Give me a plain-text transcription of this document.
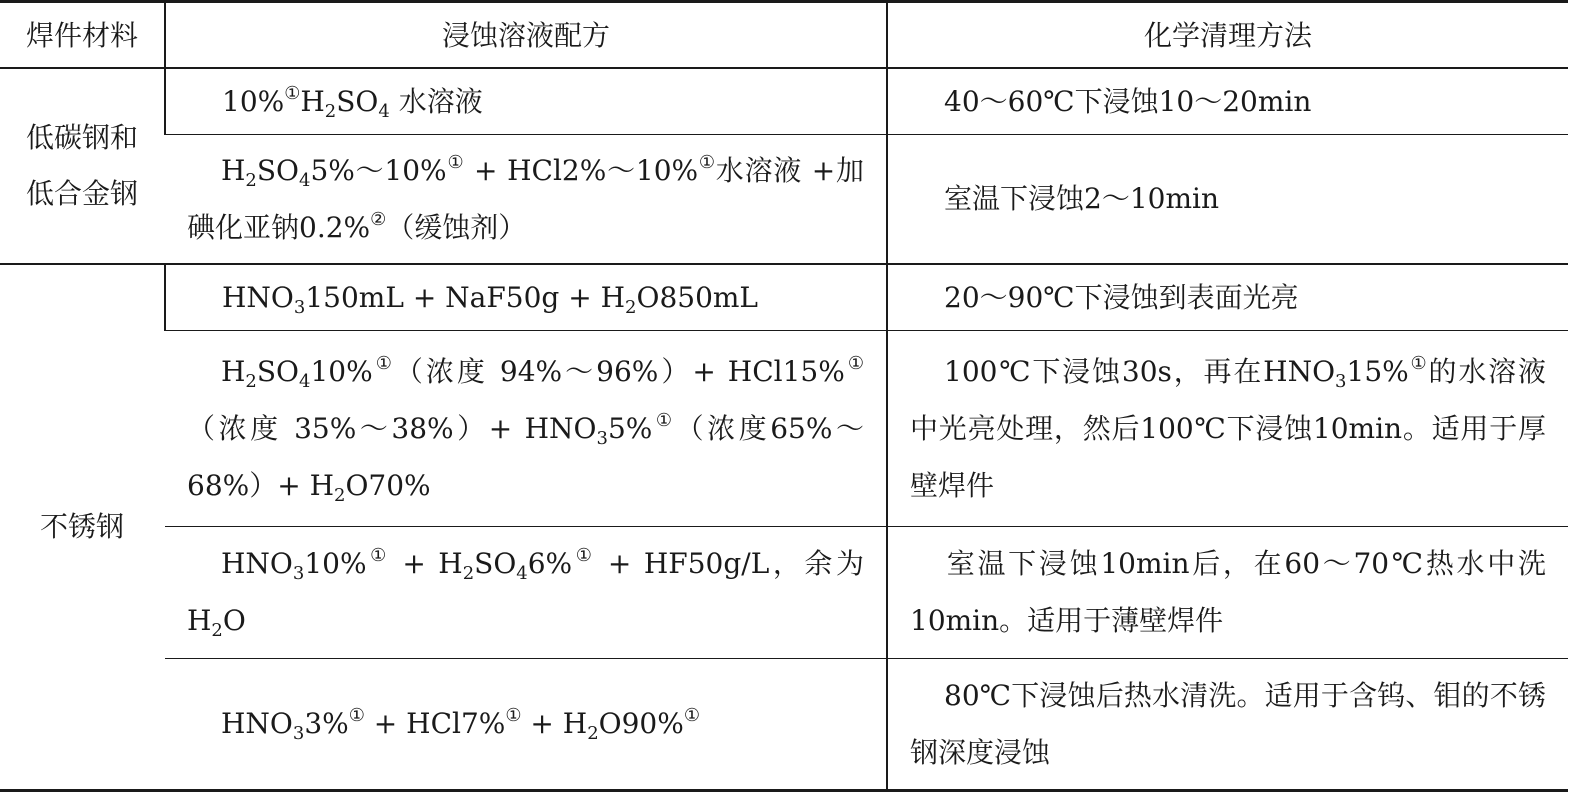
焊件材料	浸蚀溶液配方	化学清理方法
低碳钢和
低合金钢	$10\%^①H_2SO_4$ 水溶液	40～60℃下浸蚀10～20min

	$H_2SO_45\%\sim 10\%^①$ + HCl2%～10%①水溶液 +加碘化亚钠0.2%②（缓蚀剂）	室温下浸蚀2～10min

不锈钢	$HNO_3150mL + NaF50g + H_2O850mL$	20～90℃下浸蚀到表面光亮

	$H_2SO_410\%^①$（浓度 94%～96%）+ HCl15%①（浓度 35%～38%）+ $HNO_35\%^①$（浓度65%～68%）+ $H_2O70\%$	100℃下浸蚀30s，再在$HNO_315\%^①$的水溶液中光亮处理，然后100℃下浸蚀10min。适用于厚壁焊件

	$HNO_310\%^① + H_2SO_46\%^① + HF50g/L$，余为 $H_2O$	室温下浸蚀10min后，在60～70℃热水中洗10min。适用于薄壁焊件

	$HNO_33\%^① + HCl7\%^① + H_2O90\%^①$	80℃下浸蚀后热水清洗。适用于含钨、钼的不锈钢深度浸蚀
